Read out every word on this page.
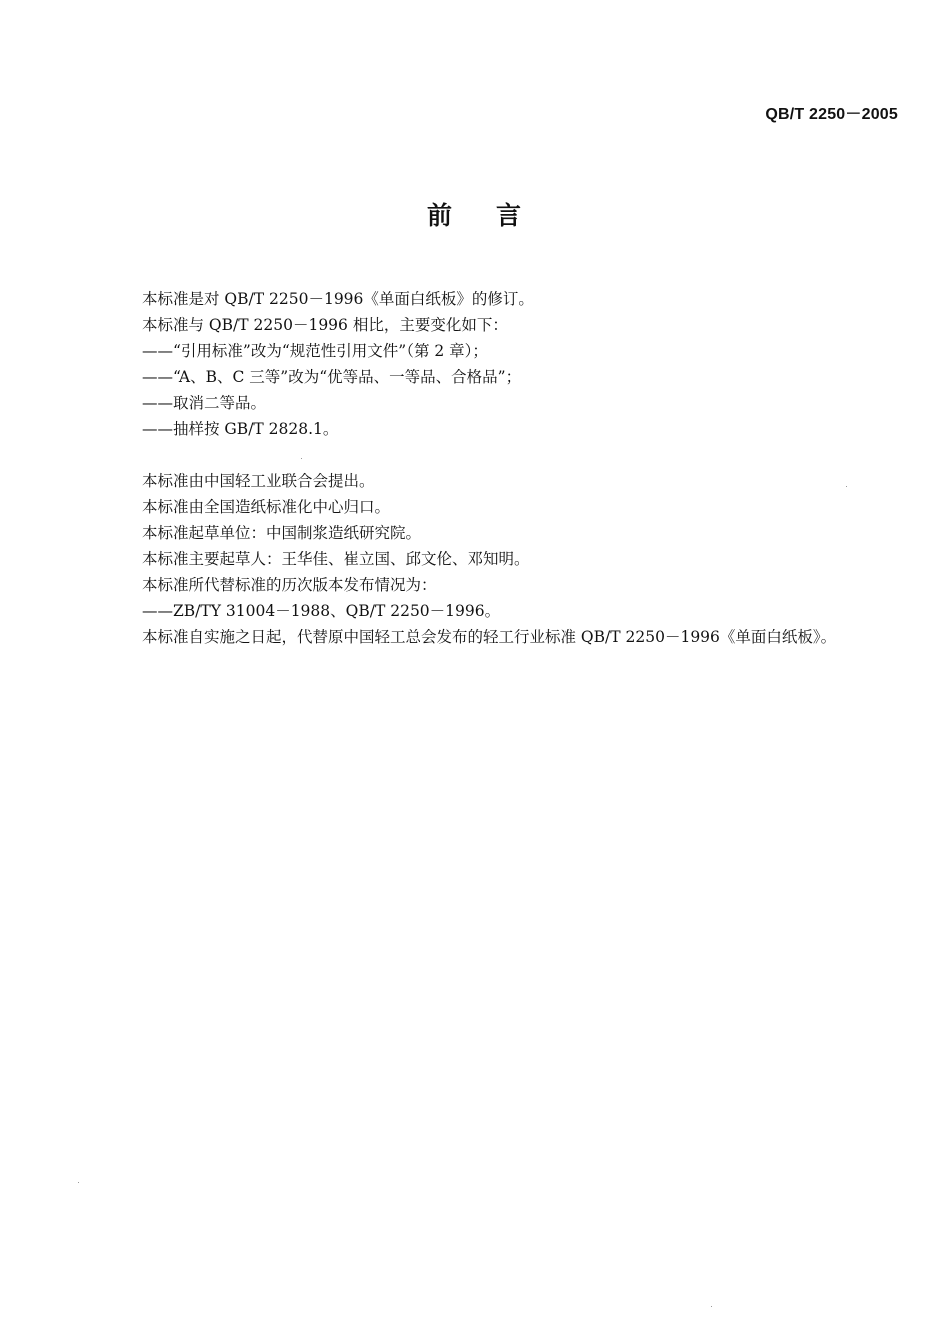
QB/T 2250－2005
前 言
本标准是对 QB/T 2250－1996《单面白纸板》的修订。
本标准与 QB/T 2250－1996 相比，主要变化如下：
——“引用标准”改为“规范性引用文件”（第 2 章）；
——“A、B、C 三等”改为“优等品、一等品、合格品”；
——取消二等品。
——抽样按 GB/T 2828.1。
本标准由中国轻工业联合会提出。
本标准由全国造纸标准化中心归口。
本标准起草单位：中国制浆造纸研究院。
本标准主要起草人：王华佳、崔立国、邱文伦、邓知明。
本标准所代替标准的历次版本发布情况为：
——ZB/TY 31004－1988、QB/T 2250－1996。
本标准自实施之日起，代替原中国轻工总会发布的轻工行业标准 QB/T 2250－1996《单面白纸板》。
